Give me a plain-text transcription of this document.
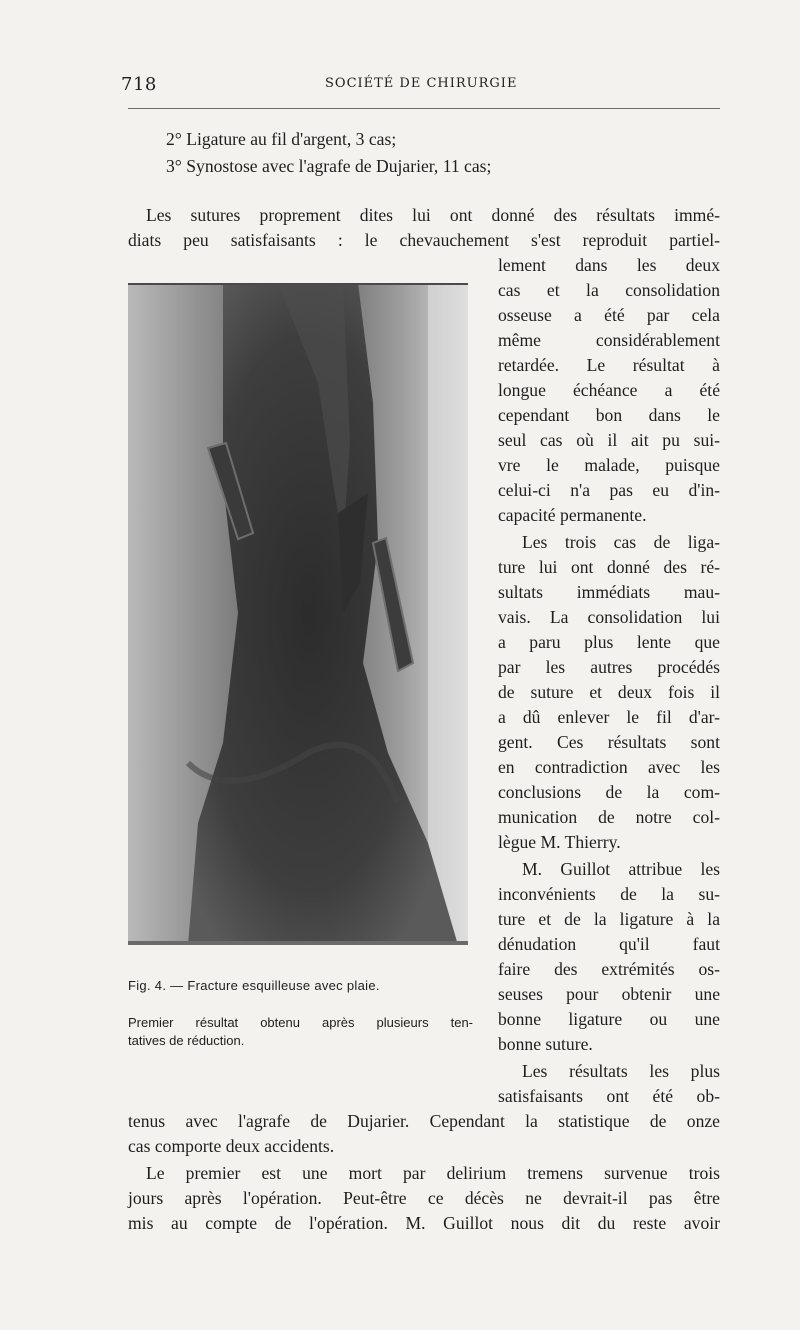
718	SOCIÉTÉ DE CHIRURGIE
2° Ligature au fil d'argent, 3 cas;
3° Synostose avec l'agrafe de Dujarier, 11 cas;
Les sutures proprement dites lui ont donné des résultats immé-
diats peu satisfaisants : le chevauchement s'est reproduit partiel-
lement dans les deux
cas et la consolidation
osseuse a été par cela
même considérablement
retardée. Le résultat à
longue échéance a été
cependant bon dans le
seul cas où il ait pu sui-
vre le malade, puisque
celui-ci n'a pas eu d'in-
capacité permanente.
Les trois cas de liga-
ture lui ont donné des ré-
sultats immédiats mau-
vais. La consolidation lui
a paru plus lente que
par les autres procédés
de suture et deux fois il
a dû enlever le fil d'ar-
gent. Ces résultats sont
en contradiction avec les
conclusions de la com-
munication de notre col-
lègue M. Thierry.
M. Guillot attribue les
inconvénients de la su-
ture et de la ligature à la
dénudation qu'il faut
faire des extrémités os-
seuses pour obtenir une
bonne ligature ou une
bonne suture.
Les résultats les plus
satisfaisants ont été ob-
tenus avec l'agrafe de Dujarier. Cependant la statistique de onze
cas comporte deux accidents.
Le premier est une mort par delirium tremens survenue trois
jours après l'opération. Peut-être ce décès ne devrait-il pas être
mis au compte de l'opération. M. Guillot nous dit du reste avoir
Fig. 4. — Fracture esquilleuse avec plaie.
Premier résultat obtenu après plusieurs ten-
tatives de réduction.
